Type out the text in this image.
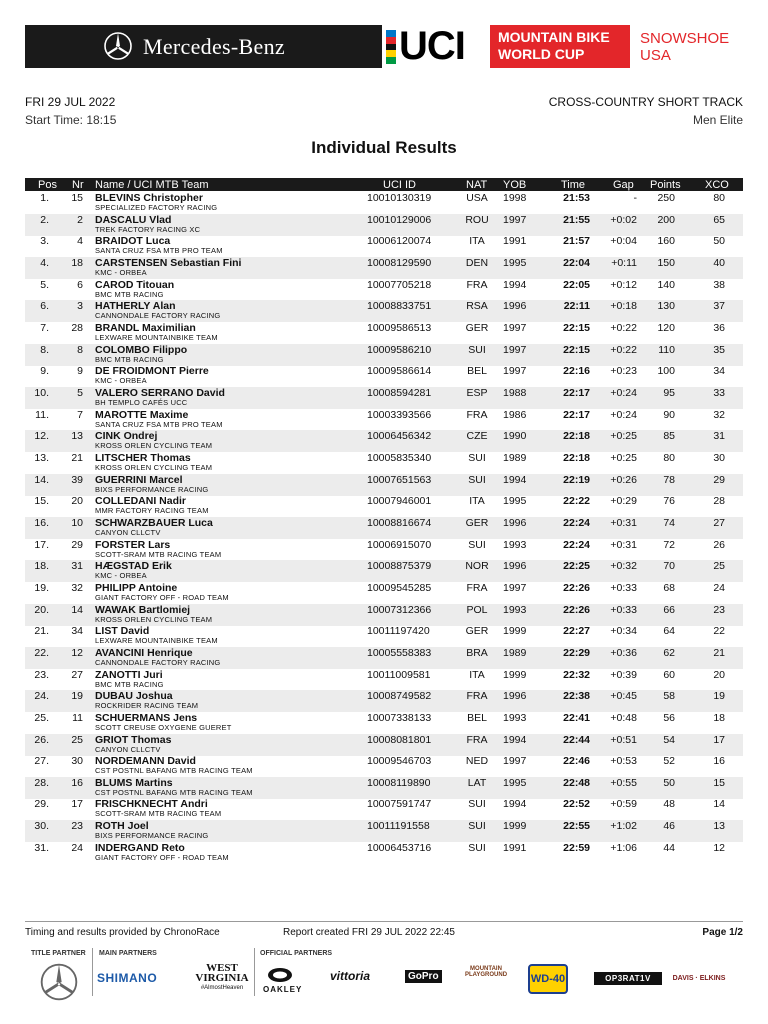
Mercedes-Benz	UCI MOUNTAIN BIKE
WORLD CUP
SNOWSHOE
USA
FRI 29 JUL 2022
Start Time: 18:15
CROSS-COUNTRY SHORT TRACK
Men Elite
Individual Results
Pos Nr Name / UCI MTB Team	UCI ID	NAT YOB	Time	Gap Points XCO
1.	15 BLEVINS Christopher	10010130319	USA	1998	21:53	-	250	80
SPECIALIZED FACTORY RACING
2.	2 DASCALU Vlad	10010129006	ROU	1997	21:55	+0:02	200	65
TREK FACTORY RACING XC
3.	4 BRAIDOT Luca	10006120074	ITA	1991	21:57	+0:04	160	50
SANTA CRUZ FSA MTB PRO TEAM
4.	18 CARSTENSEN Sebastian Fini	10008129590	DEN	1995	22:04	+0:11	150	40
KMC - ORBEA
5.	6 CAROD Titouan	10007705218	FRA	1994	22:05	+0:12	140	38
BMC MTB RACING
6.	3 HATHERLY Alan	10008833751	RSA	1996	22:11	+0:18	130	37
CANNONDALE FACTORY RACING
7.	28 BRANDL Maximilian	10009586513	GER	1997	22:15	+0:22	120	36
LEXWARE MOUNTAINBIKE TEAM
8.	8 COLOMBO Filippo	10009586210	SUI	1997	22:15	+0:22	110	35
BMC MTB RACING
9.	9 DE FROIDMONT Pierre	10009586614	BEL	1997	22:16	+0:23	100	34
KMC - ORBEA
10.	5 VALERO SERRANO David	10008594281	ESP	1988	22:17	+0:24	95	33
BH TEMPLO CAFÉS UCC
11.	7 MAROTTE Maxime	10003393566	FRA	1986	22:17	+0:24	90	32
SANTA CRUZ FSA MTB PRO TEAM
12.	13 CINK Ondrej	10006456342	CZE	1990	22:18	+0:25	85	31
KROSS ORLEN CYCLING TEAM
13.	21 LITSCHER Thomas	10005835340	SUI	1989	22:18	+0:25	80	30
KROSS ORLEN CYCLING TEAM
14.	39 GUERRINI Marcel	10007651563	SUI	1994	22:19	+0:26	78	29
BIXS PERFORMANCE RACING
15.	20 COLLEDANI Nadir	10007946001	ITA	1995	22:22	+0:29	76	28
MMR FACTORY RACING TEAM
16.	10 SCHWARZBAUER Luca	10008816674	GER	1996	22:24	+0:31	74	27
CANYON CLLCTV
17.	29 FORSTER Lars	10006915070	SUI	1993	22:24	+0:31	72	26
SCOTT-SRAM MTB RACING TEAM
18.	31 HÆGSTAD Erik	10008875379	NOR	1996	22:25	+0:32	70	25
KMC - ORBEA
19.	32 PHILIPP Antoine	10009545285	FRA	1997	22:26	+0:33	68	24
GIANT FACTORY OFF - ROAD TEAM
20.	14 WAWAK Bartlomiej	10007312366	POL	1993	22:26	+0:33	66	23
KROSS ORLEN CYCLING TEAM
21.	34 LIST David	10011197420	GER	1999	22:27	+0:34	64	22
LEXWARE MOUNTAINBIKE TEAM
22.	12 AVANCINI Henrique	10005558383	BRA	1989	22:29	+0:36	62	21
CANNONDALE FACTORY RACING
23.	27 ZANOTTI Juri	10011009581	ITA	1999	22:32	+0:39	60	20
BMC MTB RACING
24.	19 DUBAU Joshua	10008749582	FRA	1996	22:38	+0:45	58	19
ROCKRIDER RACING TEAM
25.	11 SCHUERMANS Jens	10007338133	BEL	1993	22:41	+0:48	56	18
SCOTT CREUSE OXYGENE GUERET
26.	25 GRIOT Thomas	10008081801	FRA	1994	22:44	+0:51	54	17
CANYON CLLCTV
27.	30 NORDEMANN David	10009546703	NED	1997	22:46	+0:53	52	16
CST POSTNL BAFANG MTB RACING TEAM
28.	16 BLUMS Martins	10008119890	LAT	1995	22:48	+0:55	50	15
CST POSTNL BAFANG MTB RACING TEAM
29.	17 FRISCHKNECHT Andri	10007591747	SUI	1994	22:52	+0:59	48	14
SCOTT-SRAM MTB RACING TEAM
30.	23 ROTH Joel	10011191558	SUI	1999	22:55	+1:02	46	13
BIXS PERFORMANCE RACING
31.	24 INDERGAND Reto	10006453716	SUI	1991	22:59	+1:06	44	12
GIANT FACTORY OFF - ROAD TEAM
Timing and results provided by ChronoRace	Report created FRI 29 JUL 2022 22:45	Page 1/2
TITLE PARTNER MAIN PARTNERS	OFFICIAL PARTNERS
SHIMANO
WEST
VIRGINIA
#AlmostHeaven	OAKLEY
vittoria	GoPro
MOUNTAIN PLAYGROUND	WD-40	OP3RAT1V	DAVIS · ELKINS
